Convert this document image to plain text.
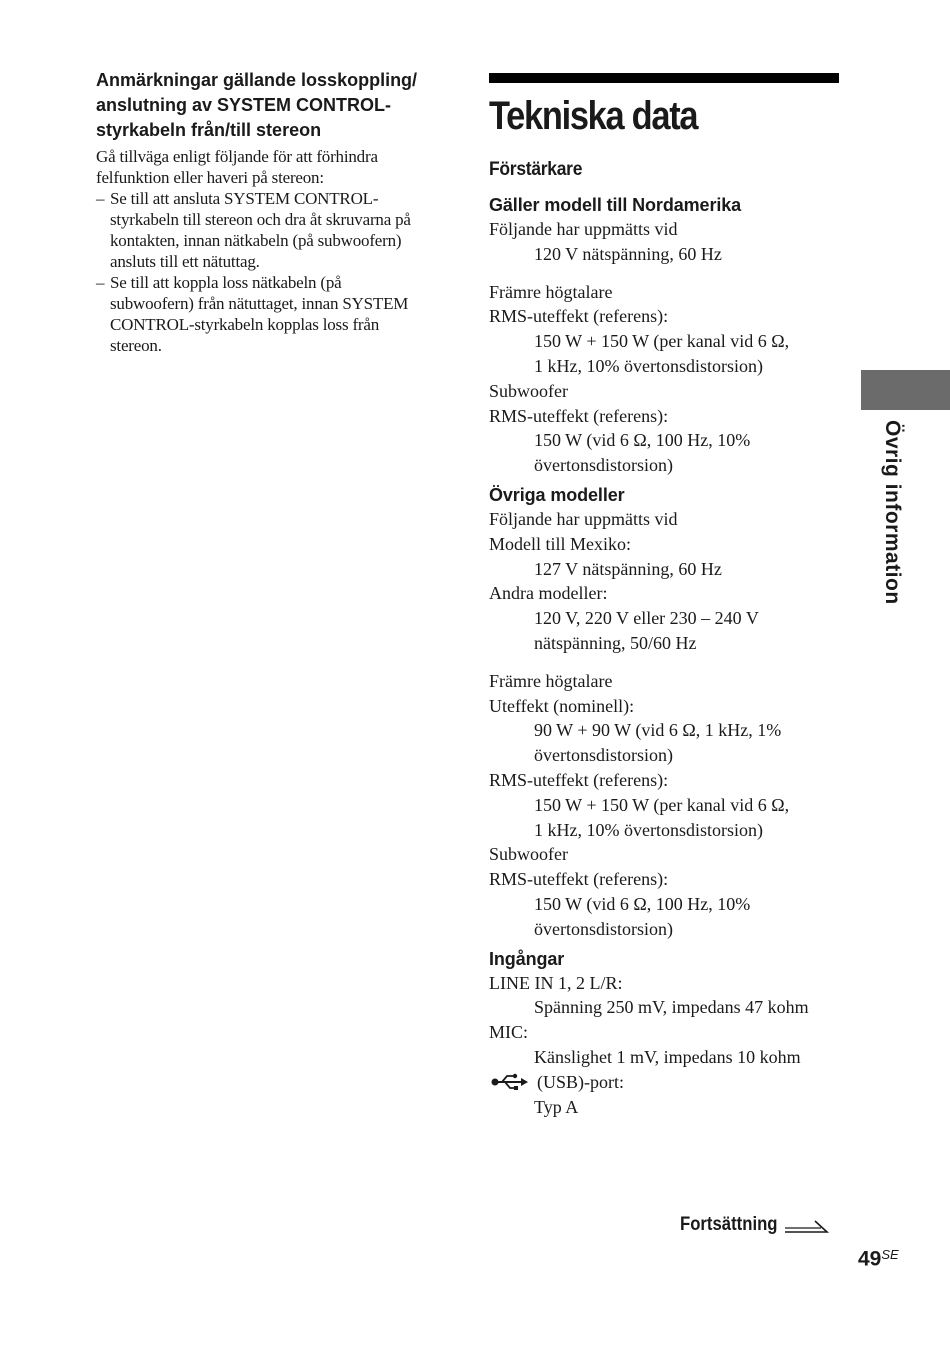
Anmärkningar gällande losskoppling/
anslutning av SYSTEM CONTROL-
styrkabeln från/till stereon

Gå tillväga enligt följande för att förhindra
felfunktion eller haveri på stereon:

– Se till att ansluta SYSTEM CONTROL-
styrkabeln till stereon och dra åt skruvarna på
kontakten, innan nätkabeln (på subwoofern)
ansluts till ett nätuttag.
– Se till att koppla loss nätkabeln (på
subwoofern) från nätuttaget, innan SYSTEM
CONTROL-styrkabeln kopplas loss från
stereon.
Tekniska data
Förstärkare
Gäller modell till Nordamerika
Följande har uppmätts vid
120 V nätspänning, 60 Hz
Främre högtalare
RMS-uteffekt (referens):
150 W + 150 W (per kanal vid 6 Ω,
1 kHz, 10% övertonsdistorsion)
Subwoofer
RMS-uteffekt (referens):
150 W (vid 6 Ω, 100 Hz, 10%
övertonsdistorsion)
Övriga modeller
Följande har uppmätts vid
Modell till Mexiko:
127 V nätspänning, 60 Hz
Andra modeller:
120 V, 220 V eller 230 – 240 V
nätspänning, 50/60 Hz
Främre högtalare
Uteffekt (nominell):
90 W + 90 W (vid 6 Ω, 1 kHz, 1%
övertonsdistorsion)
RMS-uteffekt (referens):
150 W + 150 W (per kanal vid 6 Ω,
1 kHz, 10% övertonsdistorsion)
Subwoofer
RMS-uteffekt (referens):
150 W (vid 6 Ω, 100 Hz, 10%
övertonsdistorsion)
Ingångar
LINE IN 1, 2 L/R:
Spänning 250 mV, impedans 47 kohm
MIC:
Känslighet 1 mV, impedans 10 kohm
(USB)-port:
Typ A
Övrig information
Fortsättning
$49^{SE}$
